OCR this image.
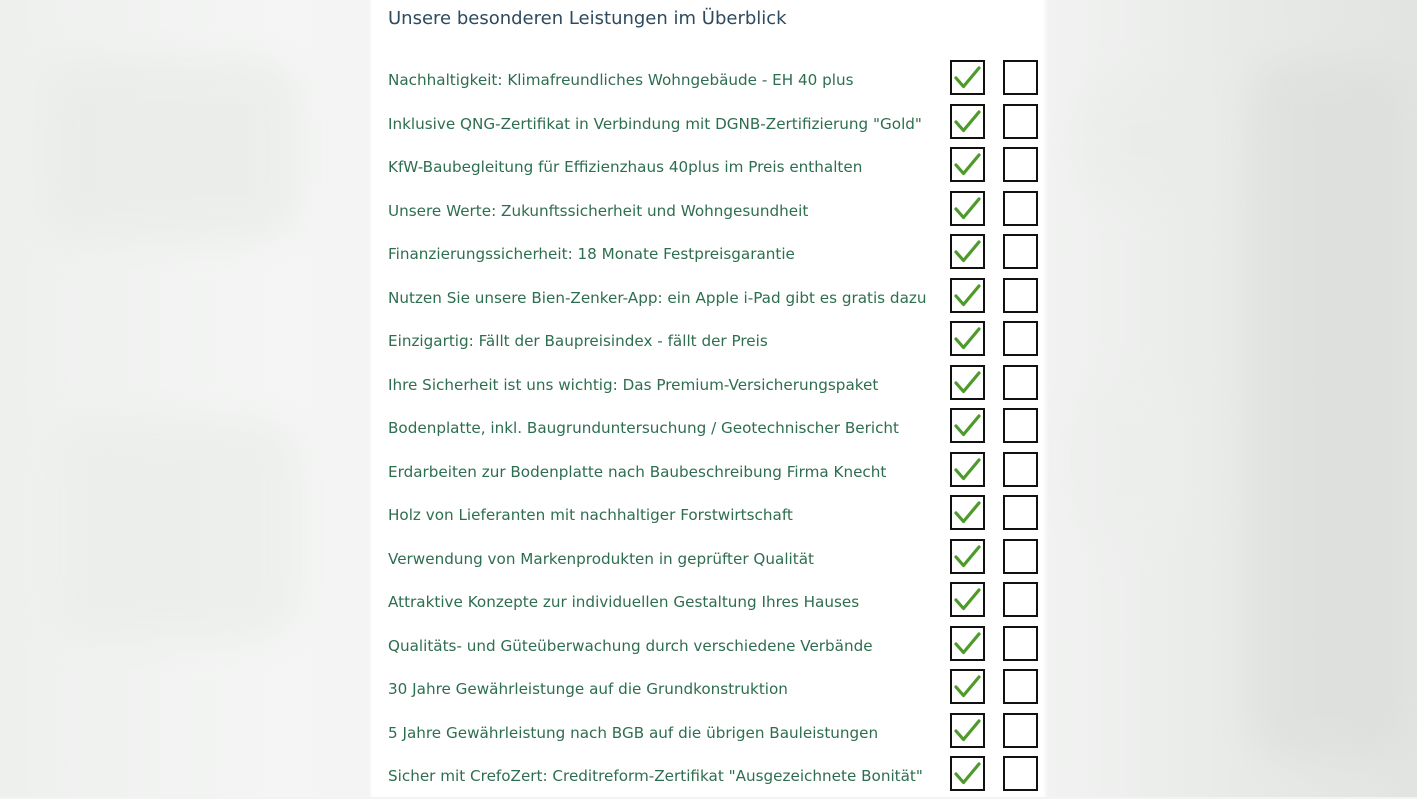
Unsere besonderen Leistungen im Überblick
Nachhaltigkeit: Klimafreundliches Wohngebäude - EH 40 plus
Inklusive QNG-Zertifikat in Verbindung mit DGNB-Zertifizierung "Gold"
KfW-Baubegleitung für Effizienzhaus 40plus im Preis enthalten
Unsere Werte: Zukunftssicherheit und Wohngesundheit
Finanzierungssicherheit: 18 Monate Festpreisgarantie
Nutzen Sie unsere Bien-Zenker-App: ein Apple i-Pad gibt es gratis dazu
Einzigartig: Fällt der Baupreisindex - fällt der Preis
Ihre Sicherheit ist uns wichtig: Das Premium-Versicherungspaket
Bodenplatte, inkl. Baugrunduntersuchung / Geotechnischer Bericht
Erdarbeiten zur Bodenplatte nach Baubeschreibung Firma Knecht
Holz von Lieferanten mit nachhaltiger Forstwirtschaft
Verwendung von Markenprodukten in geprüfter Qualität
Attraktive Konzepte zur individuellen Gestaltung Ihres Hauses
Qualitäts- und Güteüberwachung durch verschiedene Verbände
30 Jahre Gewährleistunge auf die Grundkonstruktion
5 Jahre Gewährleistung nach BGB auf die übrigen Bauleistungen
Sicher mit CrefoZert: Creditreform-Zertifikat "Ausgezeichnete Bonität"
